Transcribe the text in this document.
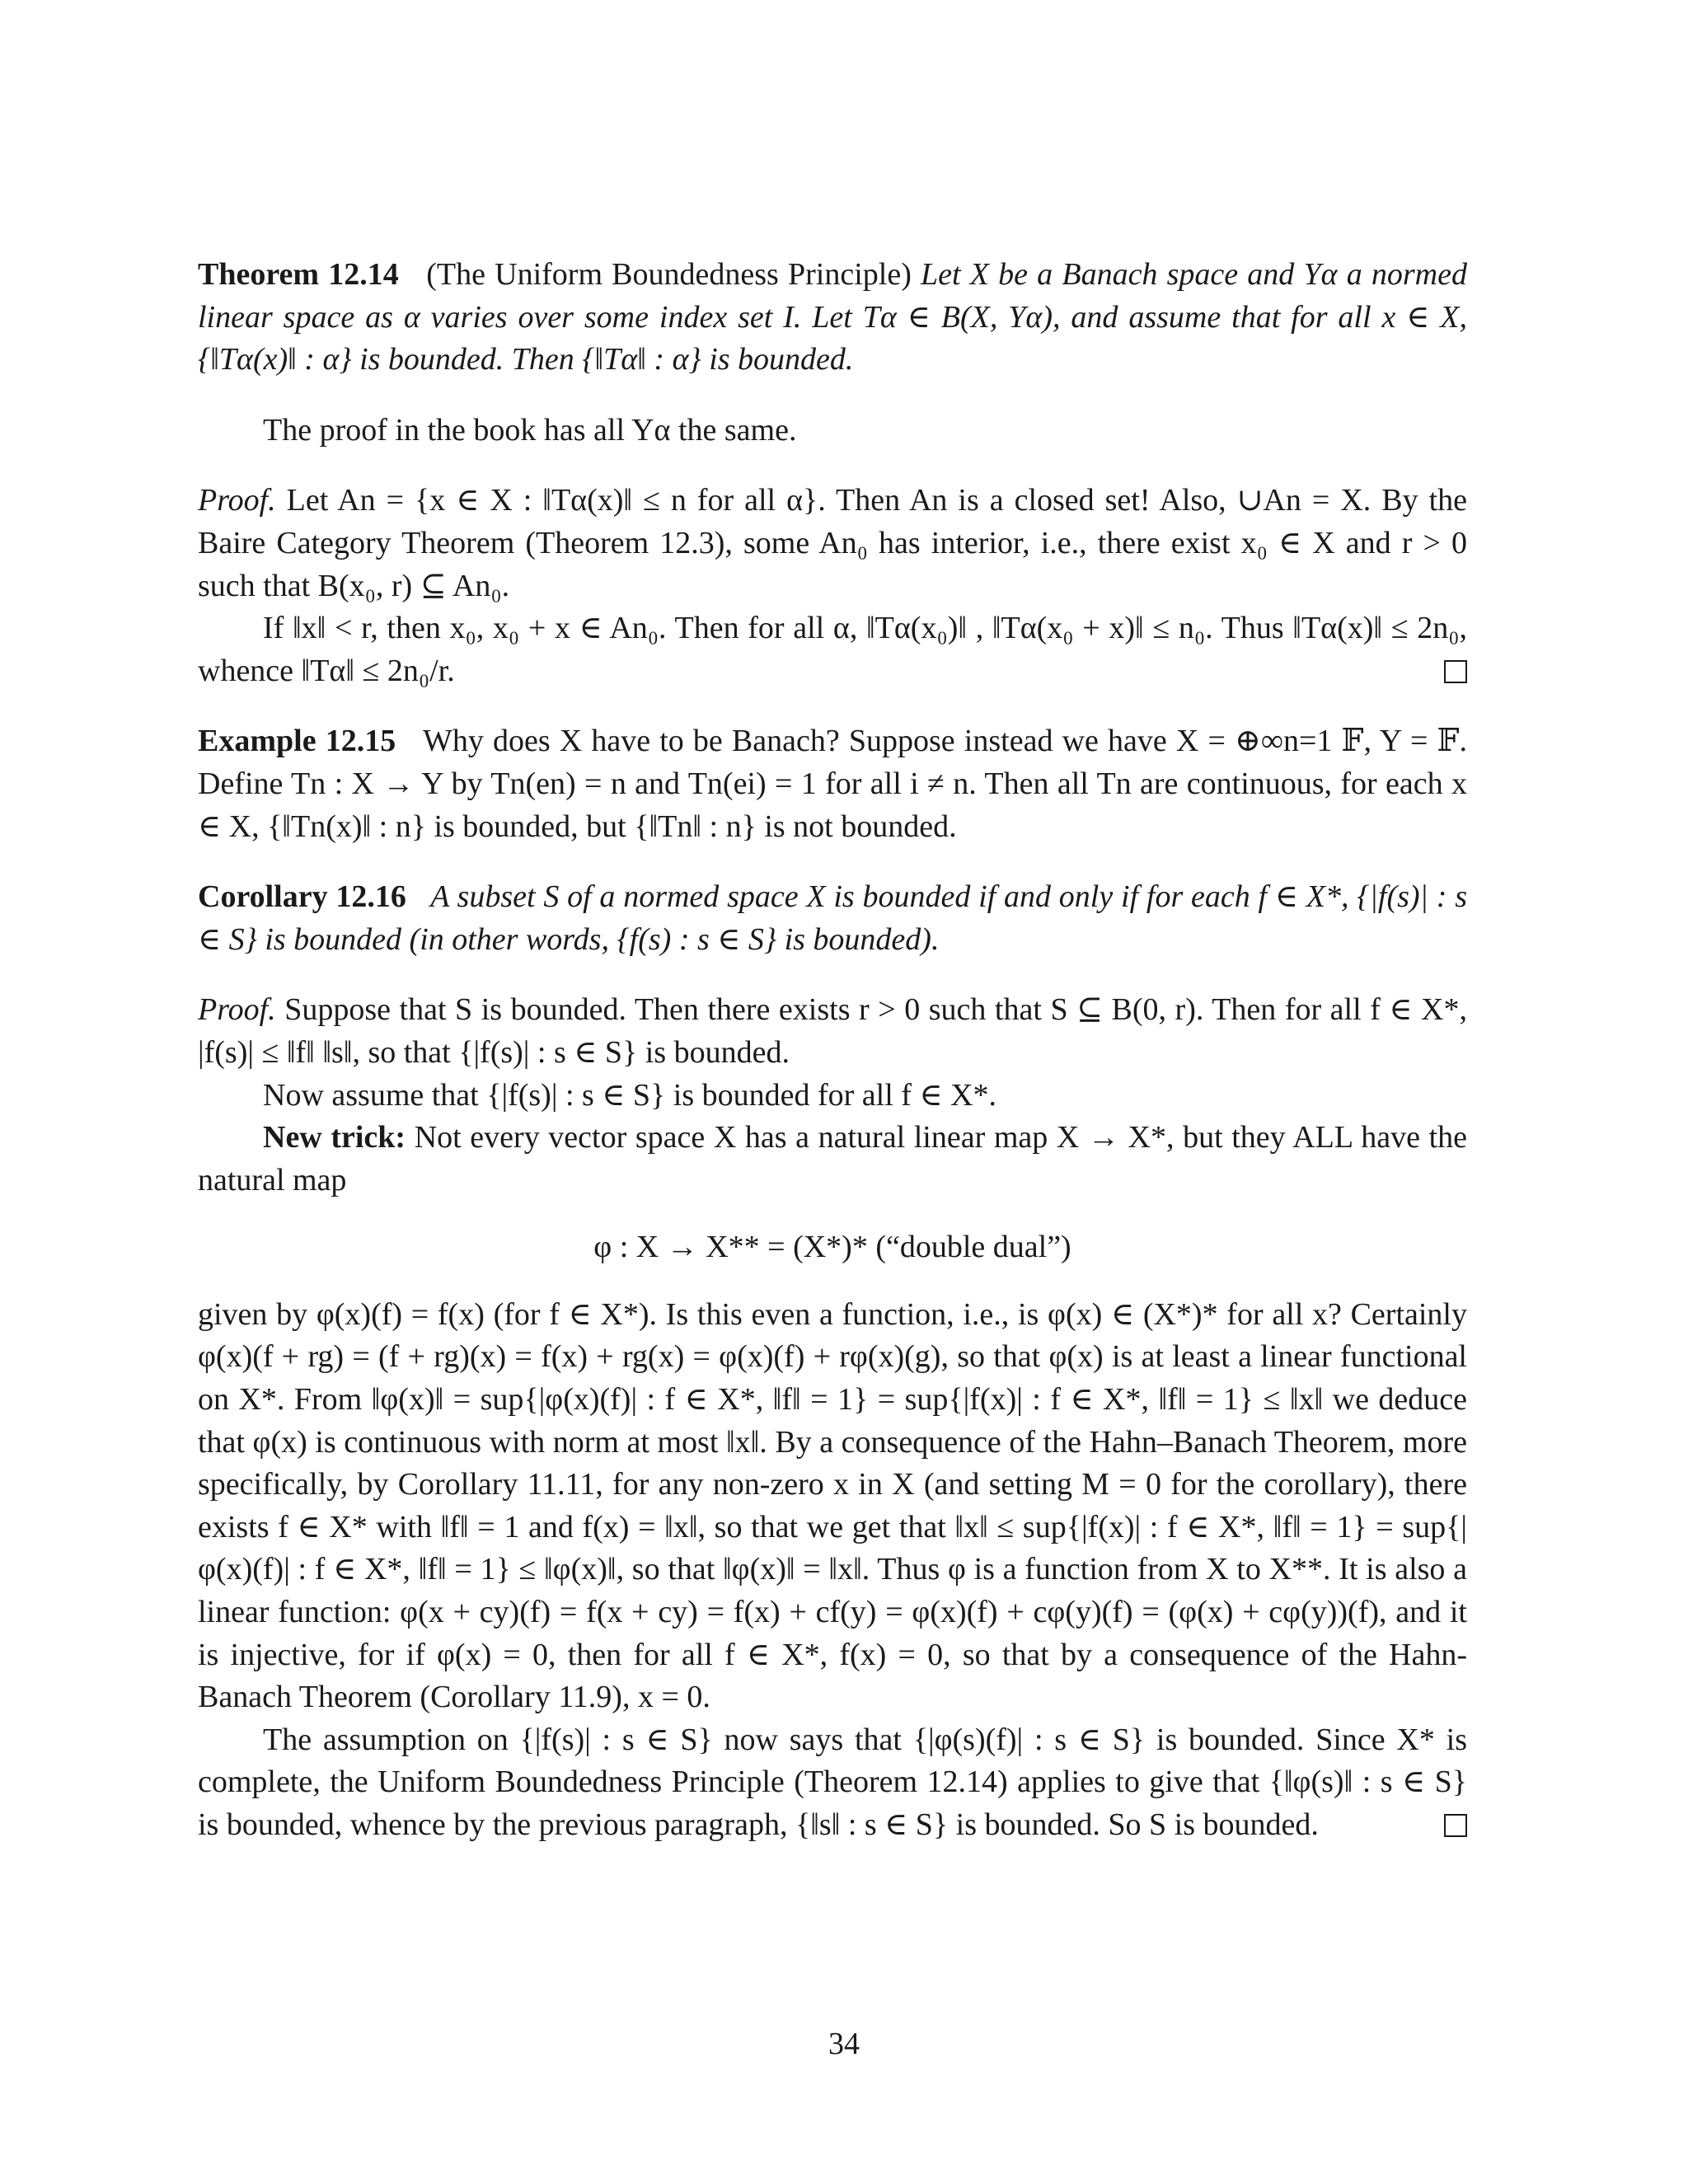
Theorem 12.14 (The Uniform Boundedness Principle) Let X be a Banach space and Yα a normed linear space as α varies over some index set I. Let Tα ∈ B(X, Yα), and assume that for all x ∈ X, {‖Tα(x)‖ : α} is bounded. Then {‖Tα‖ : α} is bounded.

The proof in the book has all Yα the same.

Proof. Let An = {x ∈ X : ‖Tα(x)‖ ≤ n for all α}. Then An is a closed set! Also, ∪An = X. By the Baire Category Theorem (Theorem 12.3), some An₀ has interior, i.e., there exist x₀ ∈ X and r > 0 such that B(x₀, r) ⊆ An₀.

If ‖x‖ < r, then x₀, x₀ + x ∈ An₀. Then for all α, ‖Tα(x₀)‖ , ‖Tα(x₀ + x)‖ ≤ n₀. Thus ‖Tα(x)‖ ≤ 2n₀, whence ‖Tα‖ ≤ 2n₀/r.

Example 12.15 Why does X have to be Banach? Suppose instead we have X = ⊕∞n=1 𝔽, Y = 𝔽. Define Tn : X → Y by Tn(en) = n and Tn(ei) = 1 for all i ≠ n. Then all Tn are continuous, for each x ∈ X, {‖Tn(x)‖ : n} is bounded, but {‖Tn‖ : n} is not bounded.

Corollary 12.16 A subset S of a normed space X is bounded if and only if for each f ∈ X*, {|f(s)| : s ∈ S} is bounded (in other words, {f(s) : s ∈ S} is bounded).

Proof. Suppose that S is bounded. Then there exists r > 0 such that S ⊆ B(0, r). Then for all f ∈ X*, |f(s)| ≤ ‖f‖ ‖s‖, so that {|f(s)| : s ∈ S} is bounded.

Now assume that {|f(s)| : s ∈ S} is bounded for all f ∈ X*.

New trick: Not every vector space X has a natural linear map X → X*, but they ALL have the natural map

φ : X → X** = (X*)* (“double dual”)

given by φ(x)(f) = f(x) (for f ∈ X*). Is this even a function, i.e., is φ(x) ∈ (X*)* for all x? Certainly φ(x)(f + rg) = (f + rg)(x) = f(x) + rg(x) = φ(x)(f) + rφ(x)(g), so that φ(x) is at least a linear functional on X*. From ‖φ(x)‖ = sup{|φ(x)(f)| : f ∈ X*, ‖f‖ = 1} = sup{|f(x)| : f ∈ X*, ‖f‖ = 1} ≤ ‖x‖ we deduce that φ(x) is continuous with norm at most ‖x‖. By a consequence of the Hahn–Banach Theorem, more specifically, by Corollary 11.11, for any non-zero x in X (and setting M = 0 for the corollary), there exists f ∈ X* with ‖f‖ = 1 and f(x) = ‖x‖, so that we get that ‖x‖ ≤ sup{|f(x)| : f ∈ X*, ‖f‖ = 1} = sup{|φ(x)(f)| : f ∈ X*, ‖f‖ = 1} ≤ ‖φ(x)‖, so that ‖φ(x)‖ = ‖x‖. Thus φ is a function from X to X**. It is also a linear function: φ(x + cy)(f) = f(x + cy) = f(x) + cf(y) = φ(x)(f) + cφ(y)(f) = (φ(x) + cφ(y))(f), and it is injective, for if φ(x) = 0, then for all f ∈ X*, f(x) = 0, so that by a consequence of the Hahn-Banach Theorem (Corollary 11.9), x = 0.

The assumption on {|f(s)| : s ∈ S} now says that {|φ(s)(f)| : s ∈ S} is bounded. Since X* is complete, the Uniform Boundedness Principle (Theorem 12.14) applies to give that {‖φ(s)‖ : s ∈ S} is bounded, whence by the previous paragraph, {‖s‖ : s ∈ S} is bounded. So S is bounded.

34
